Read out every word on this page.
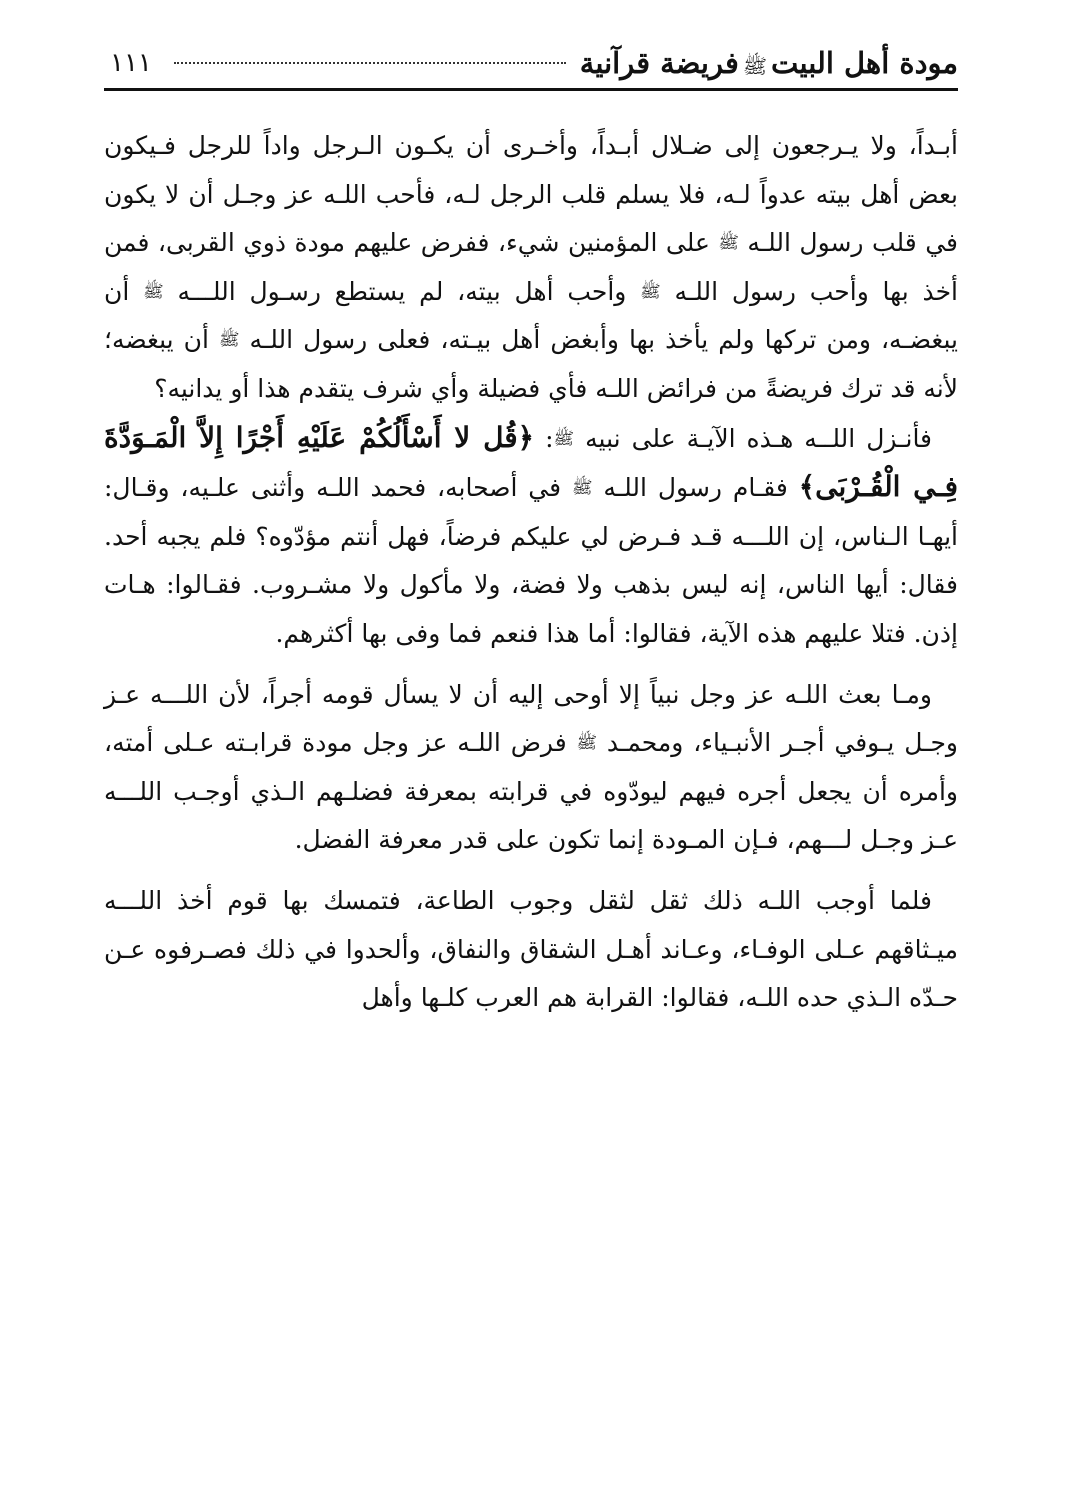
مودة أهل البيتﷺفريضة قرآنية
١١١

أبـداً، ولا يـرجعون إلى ضـلال أبـداً، وأخـرى أن يكـون الـرجل واداً للرجل فـيكون بعض أهل بيته عدواً لـه، فلا يسلم قلب الرجل لـه، فأحب اللـه عز وجـل أن لا يكون في قلب رسول اللـه ﷺ على المؤمنين شيء، ففرض عليهم مودة ذوي القربى، فمن أخذ بها وأحب رسول اللـه ﷺ وأحب أهل بيته، لم يستطع رسـول اللـــه ﷺ أن يبغضـه، ومن تركها ولم يأخذ بها وأبغض أهل بيـته، فعلى رسول اللـه ﷺ أن يبغضه؛ لأنه قد ترك فريضةً من فرائض اللـه فأي فضيلة وأي شرف يتقدم هذا أو يدانيه؟

فأنـزل اللــه هـذه الآيـة على نبيه ﷺ: ﴿قُل لا أَسْأَلُكُمْ عَلَيْهِ أَجْرًا إِلاَّ الْمَـوَدَّةَ فِـي الْقُـرْبَى﴾ فقـام رسول اللـه ﷺ في أصحابه، فحمد اللـه وأثنى علـيه، وقـال: أيهـا الـناس، إن اللـــه قـد فـرض لي عليكم فرضاً، فهل أنتم مؤدّوه؟ فلم يجبه أحد. فقال: أيها الناس، إنه ليس بذهب ولا فضة، ولا مأكول ولا مشـروب. فقـالوا: هـات إذن. فتلا عليهم هذه الآية، فقالوا: أما هذا فنعم فما وفى بها أكثرهم.

ومـا بعث اللـه عز وجل نبياً إلا أوحى إليه أن لا يسأل قومه أجراً، لأن اللـــه عـز وجـل يـوفي أجـر الأنبـياء، ومحمـد ﷺ فرض اللـه عز وجل مودة قرابـته عـلى أمته، وأمره أن يجعل أجره فيهم ليودّوه في قرابته بمعرفة فضلـهم الـذي أوجـب اللـــه عـز وجـل لـــهم، فـإن المـودة إنما تكون على قدر معرفة الفضل.

فلما أوجب اللـه ذلك ثقل لثقل وجوب الطاعة، فتمسك بها قوم أخذ اللـــه ميـثاقهم عـلى الوفـاء، وعـاند أهـل الشقاق والنفاق، وألحدوا في ذلك فصـرفوه عـن حـدّه الـذي حده اللـه، فقالوا: القرابة هم العرب كلـها وأهل
